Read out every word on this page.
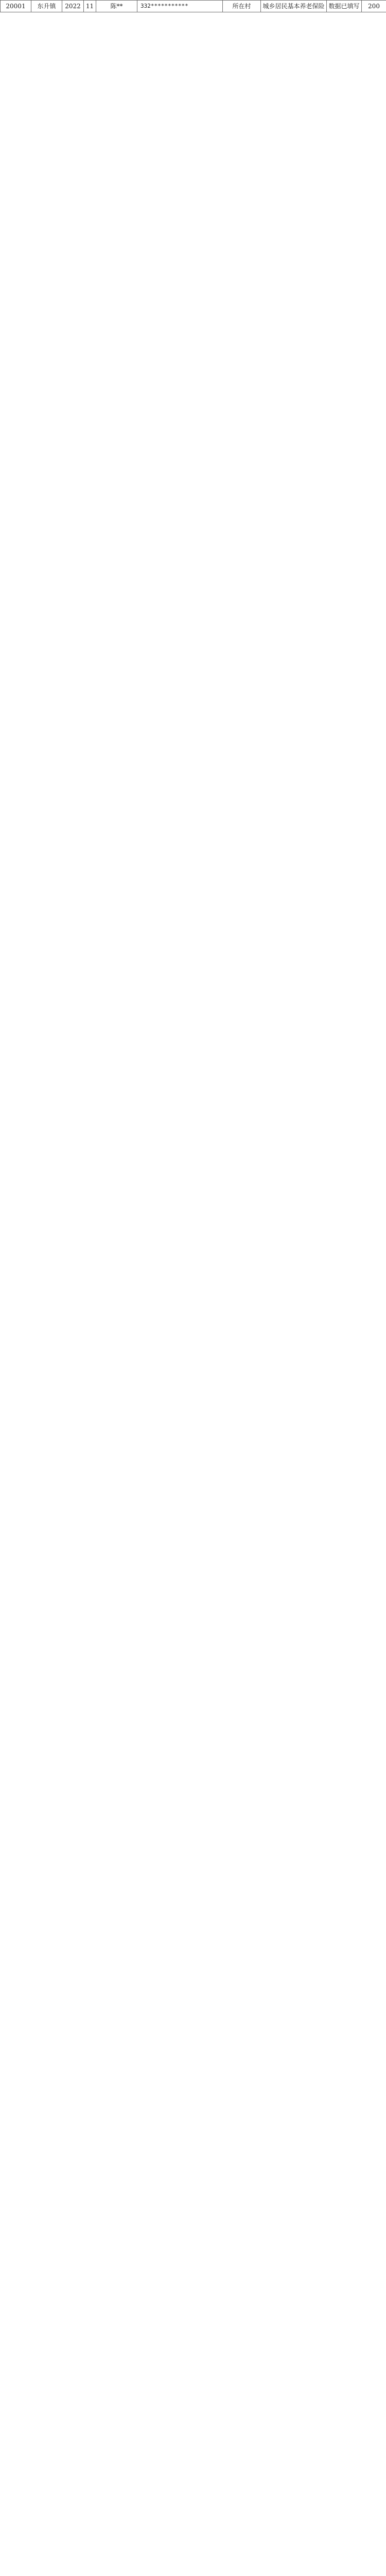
20001	东升镇	2022	11	陈**	332***********	所在村	城乡居民基本养老保险	数据已填写	200
